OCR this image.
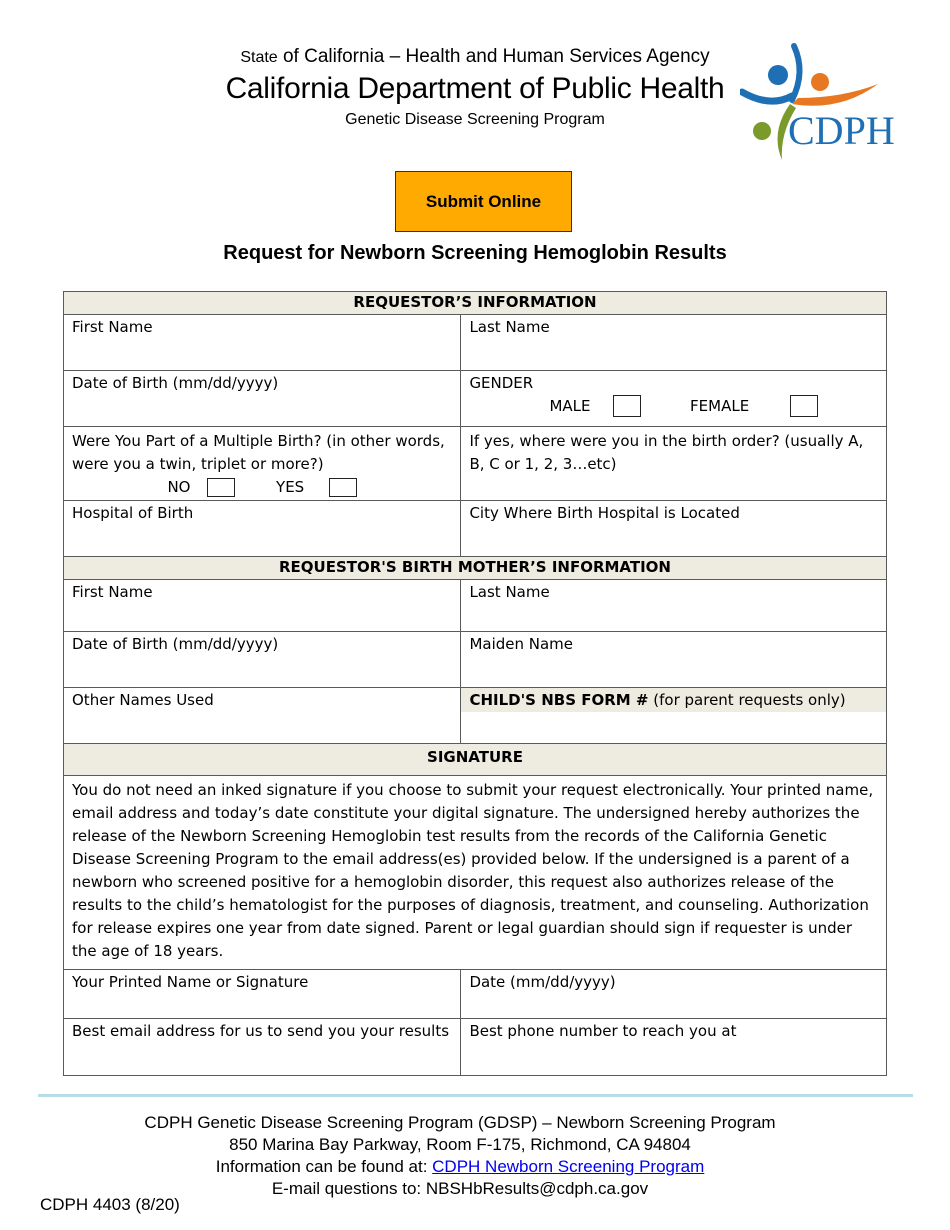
State of California – Health and Human Services Agency
California Department of Public Health
Genetic Disease Screening Program	CDPH
Submit Online
Request for Newborn Screening Hemoglobin Results
REQUESTOR’S INFORMATION	
First Name	Last Name
Date of Birth (mm/dd/yyyy)	GENDER
MALE FEMALE

Were You Part of a Multiple Birth? (in other words, were you a twin, triplet or more?)
NO YES	If yes, where were you in the birth order? (usually A, B, C or 1, 2, 3…etc)
Hospital of Birth	City Where Birth Hospital is Located
REQUESTOR'S BIRTH MOTHER’S INFORMATION	
First Name	Last Name
Date of Birth (mm/dd/yyyy)	Maiden Name
Other Names Used	CHILD'S NBS FORM # (for parent requests only)

SIGNATURE	
You do not need an inked signature if you choose to submit your request electronically. Your printed name, email address and today’s date constitute your digital signature. The undersigned hereby authorizes the release of the Newborn Screening Hemoglobin test results from the records of the California Genetic Disease Screening Program to the email address(es) provided below. If the undersigned is a parent of a newborn who screened positive for a hemoglobin disorder, this request also authorizes release of the results to the child’s hematologist for the purposes of diagnosis, treatment, and counseling. Authorization for release expires one year from date signed. Parent or legal guardian should sign if requester is under the age of 18 years.	
Your Printed Name or Signature	Date (mm/dd/yyyy)
Best email address for us to send you your results	Best phone number to reach you at
CDPH Genetic Disease Screening Program (GDSP) – Newborn Screening Program
850 Marina Bay Parkway, Room F-175, Richmond, CA 94804
Information can be found at: CDPH Newborn Screening Program
E-mail questions to: NBSHbResults@cdph.ca.gov
CDPH 4403 (8/20)
